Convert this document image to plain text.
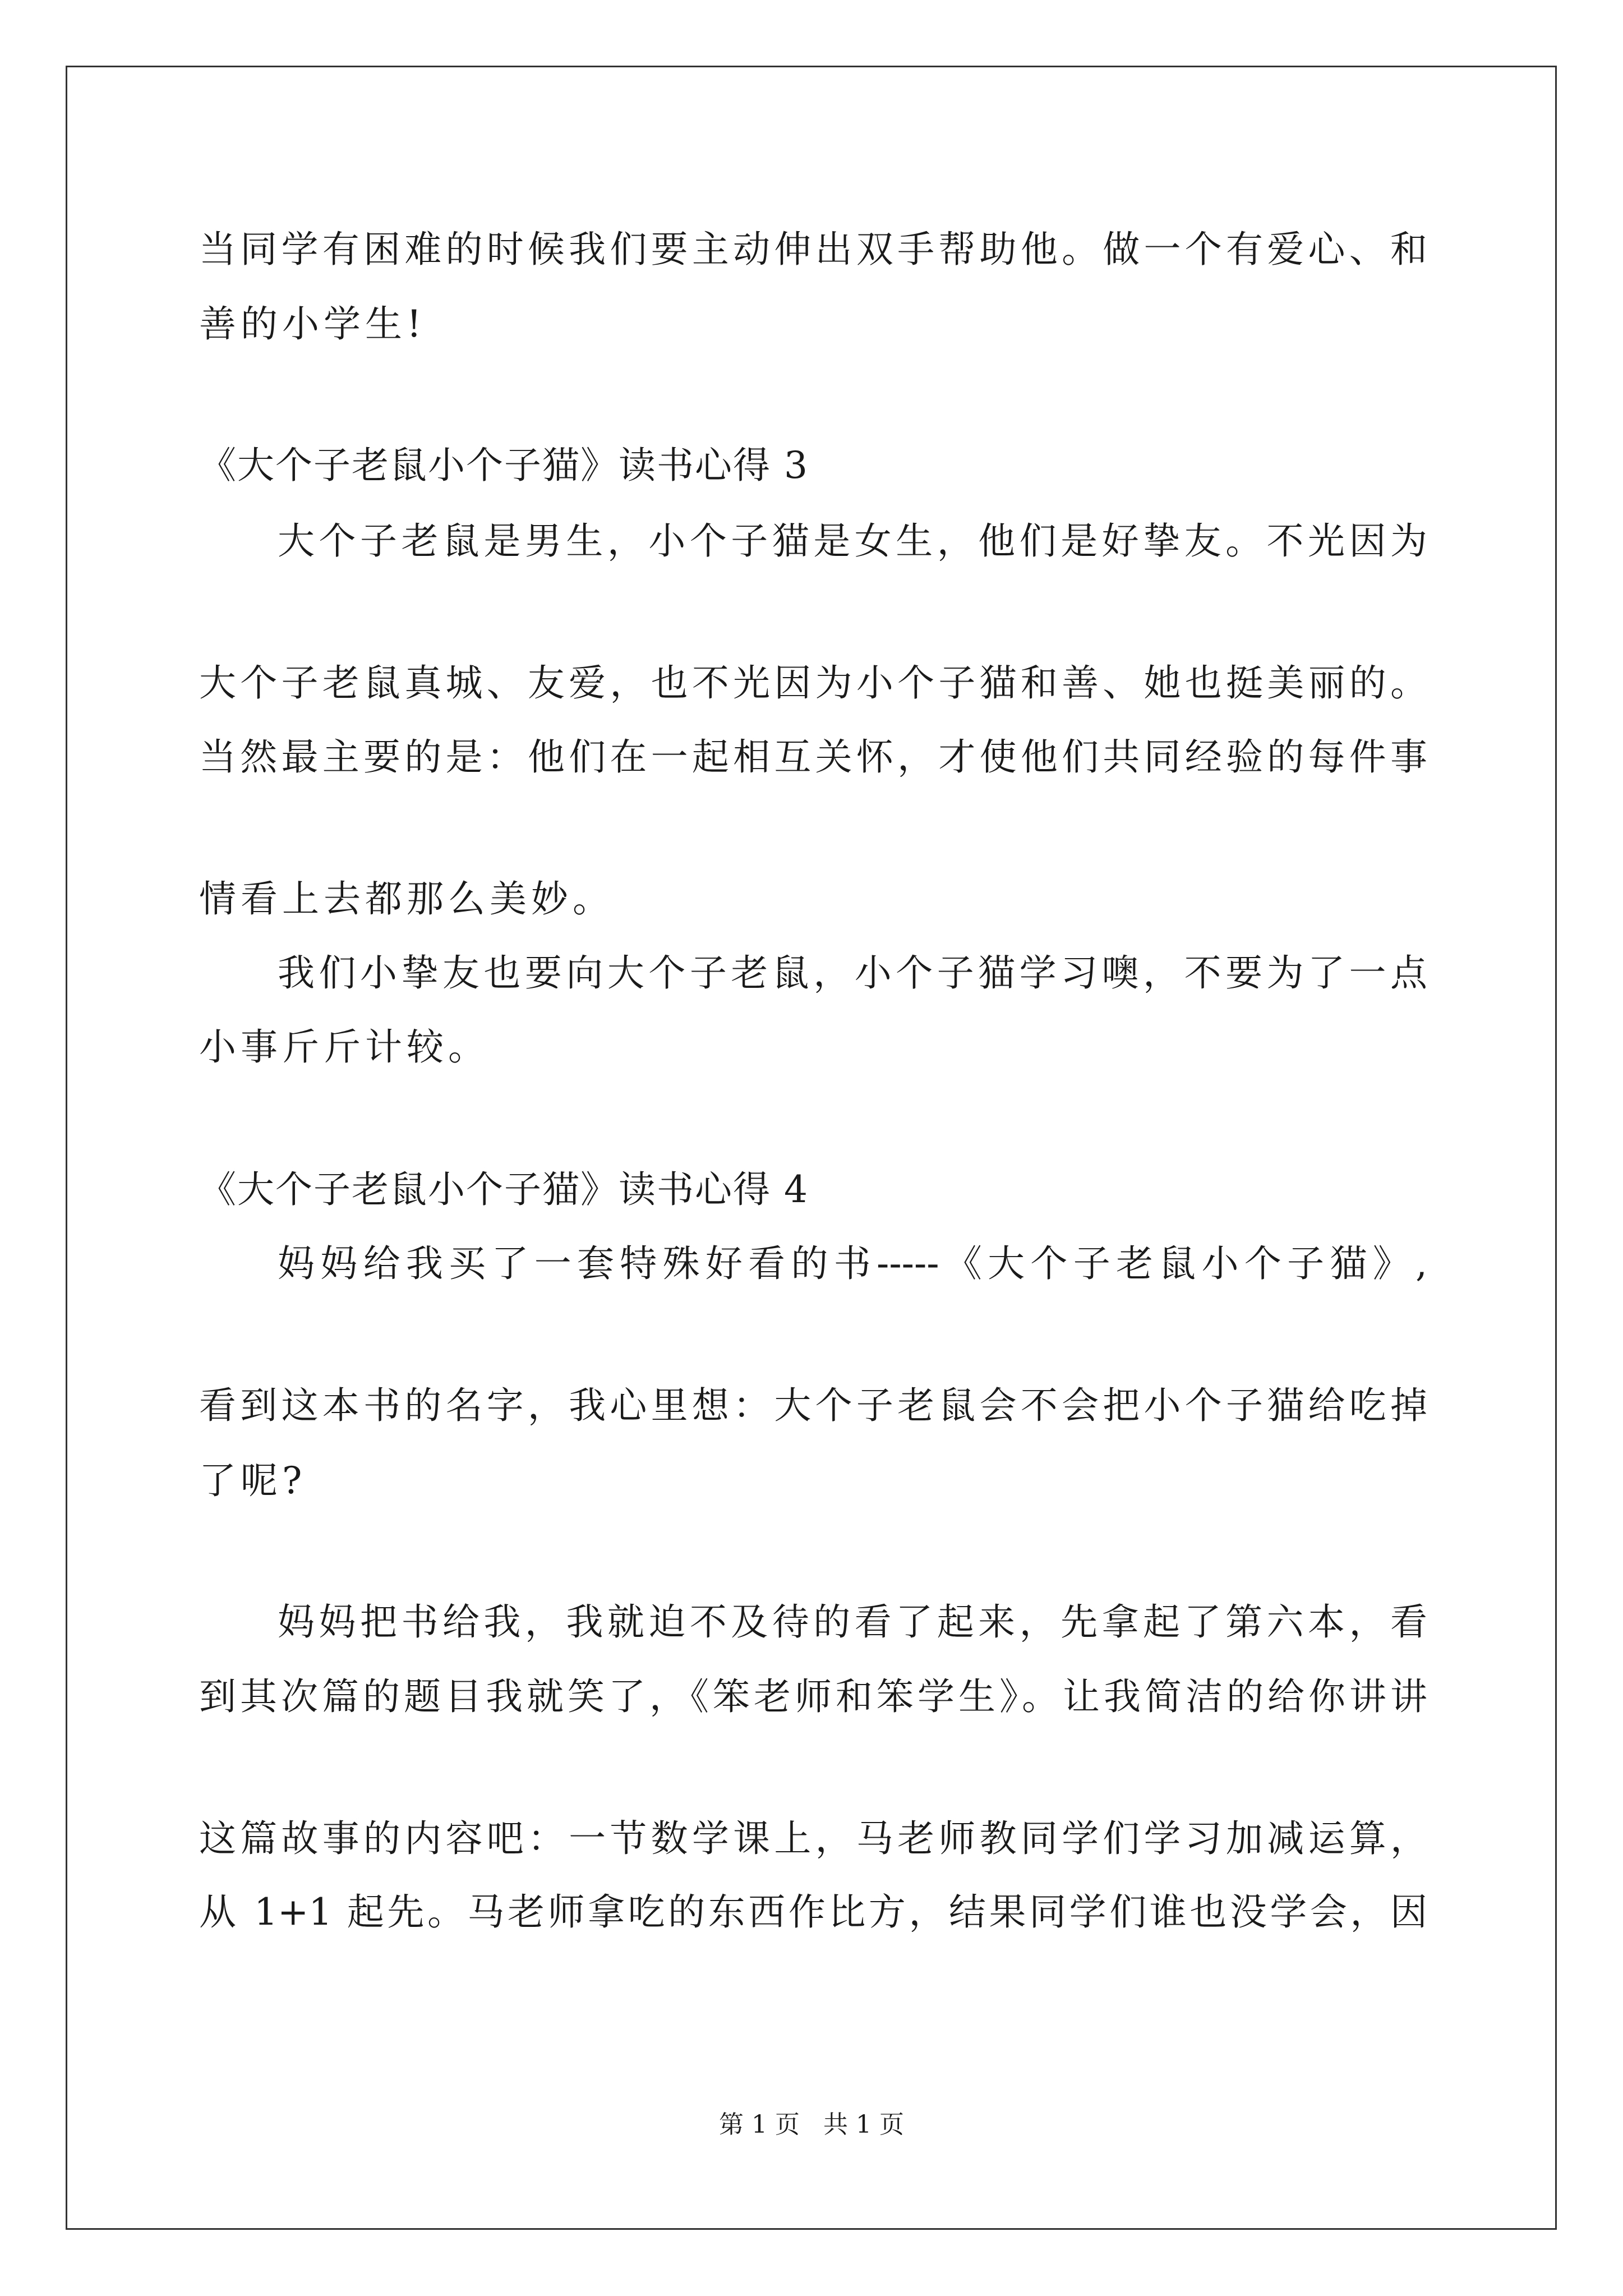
当同学有困难的时候我们要主动伸出双手帮助他。做一个有爱心、和
善的小学生!
《大个子老鼠小个子猫》读书心得 3
大个子老鼠是男生，小个子猫是女生，他们是好挚友。不光因为
大个子老鼠真城、友爱，也不光因为小个子猫和善、她也挺美丽的。
当然最主要的是：他们在一起相互关怀，才使他们共同经验的每件事
情看上去都那么美妙。
我们小挚友也要向大个子老鼠，小个子猫学习噢，不要为了一点
小事斤斤计较。
《大个子老鼠小个子猫》读书心得 4
妈妈给我买了一套特殊好看的书-----《大个子老鼠小个子猫》,
看到这本书的名字，我心里想：大个子老鼠会不会把小个子猫给吃掉
了呢?
妈妈把书给我，我就迫不及待的看了起来，先拿起了第六本，看
到其次篇的题目我就笑了，《笨老师和笨学生》。让我简洁的给你讲讲
这篇故事的内容吧：一节数学课上，马老师教同学们学习加减运算，
从 1+1 起先。马老师拿吃的东西作比方，结果同学们谁也没学会，因
第 1 页   共 1 页
